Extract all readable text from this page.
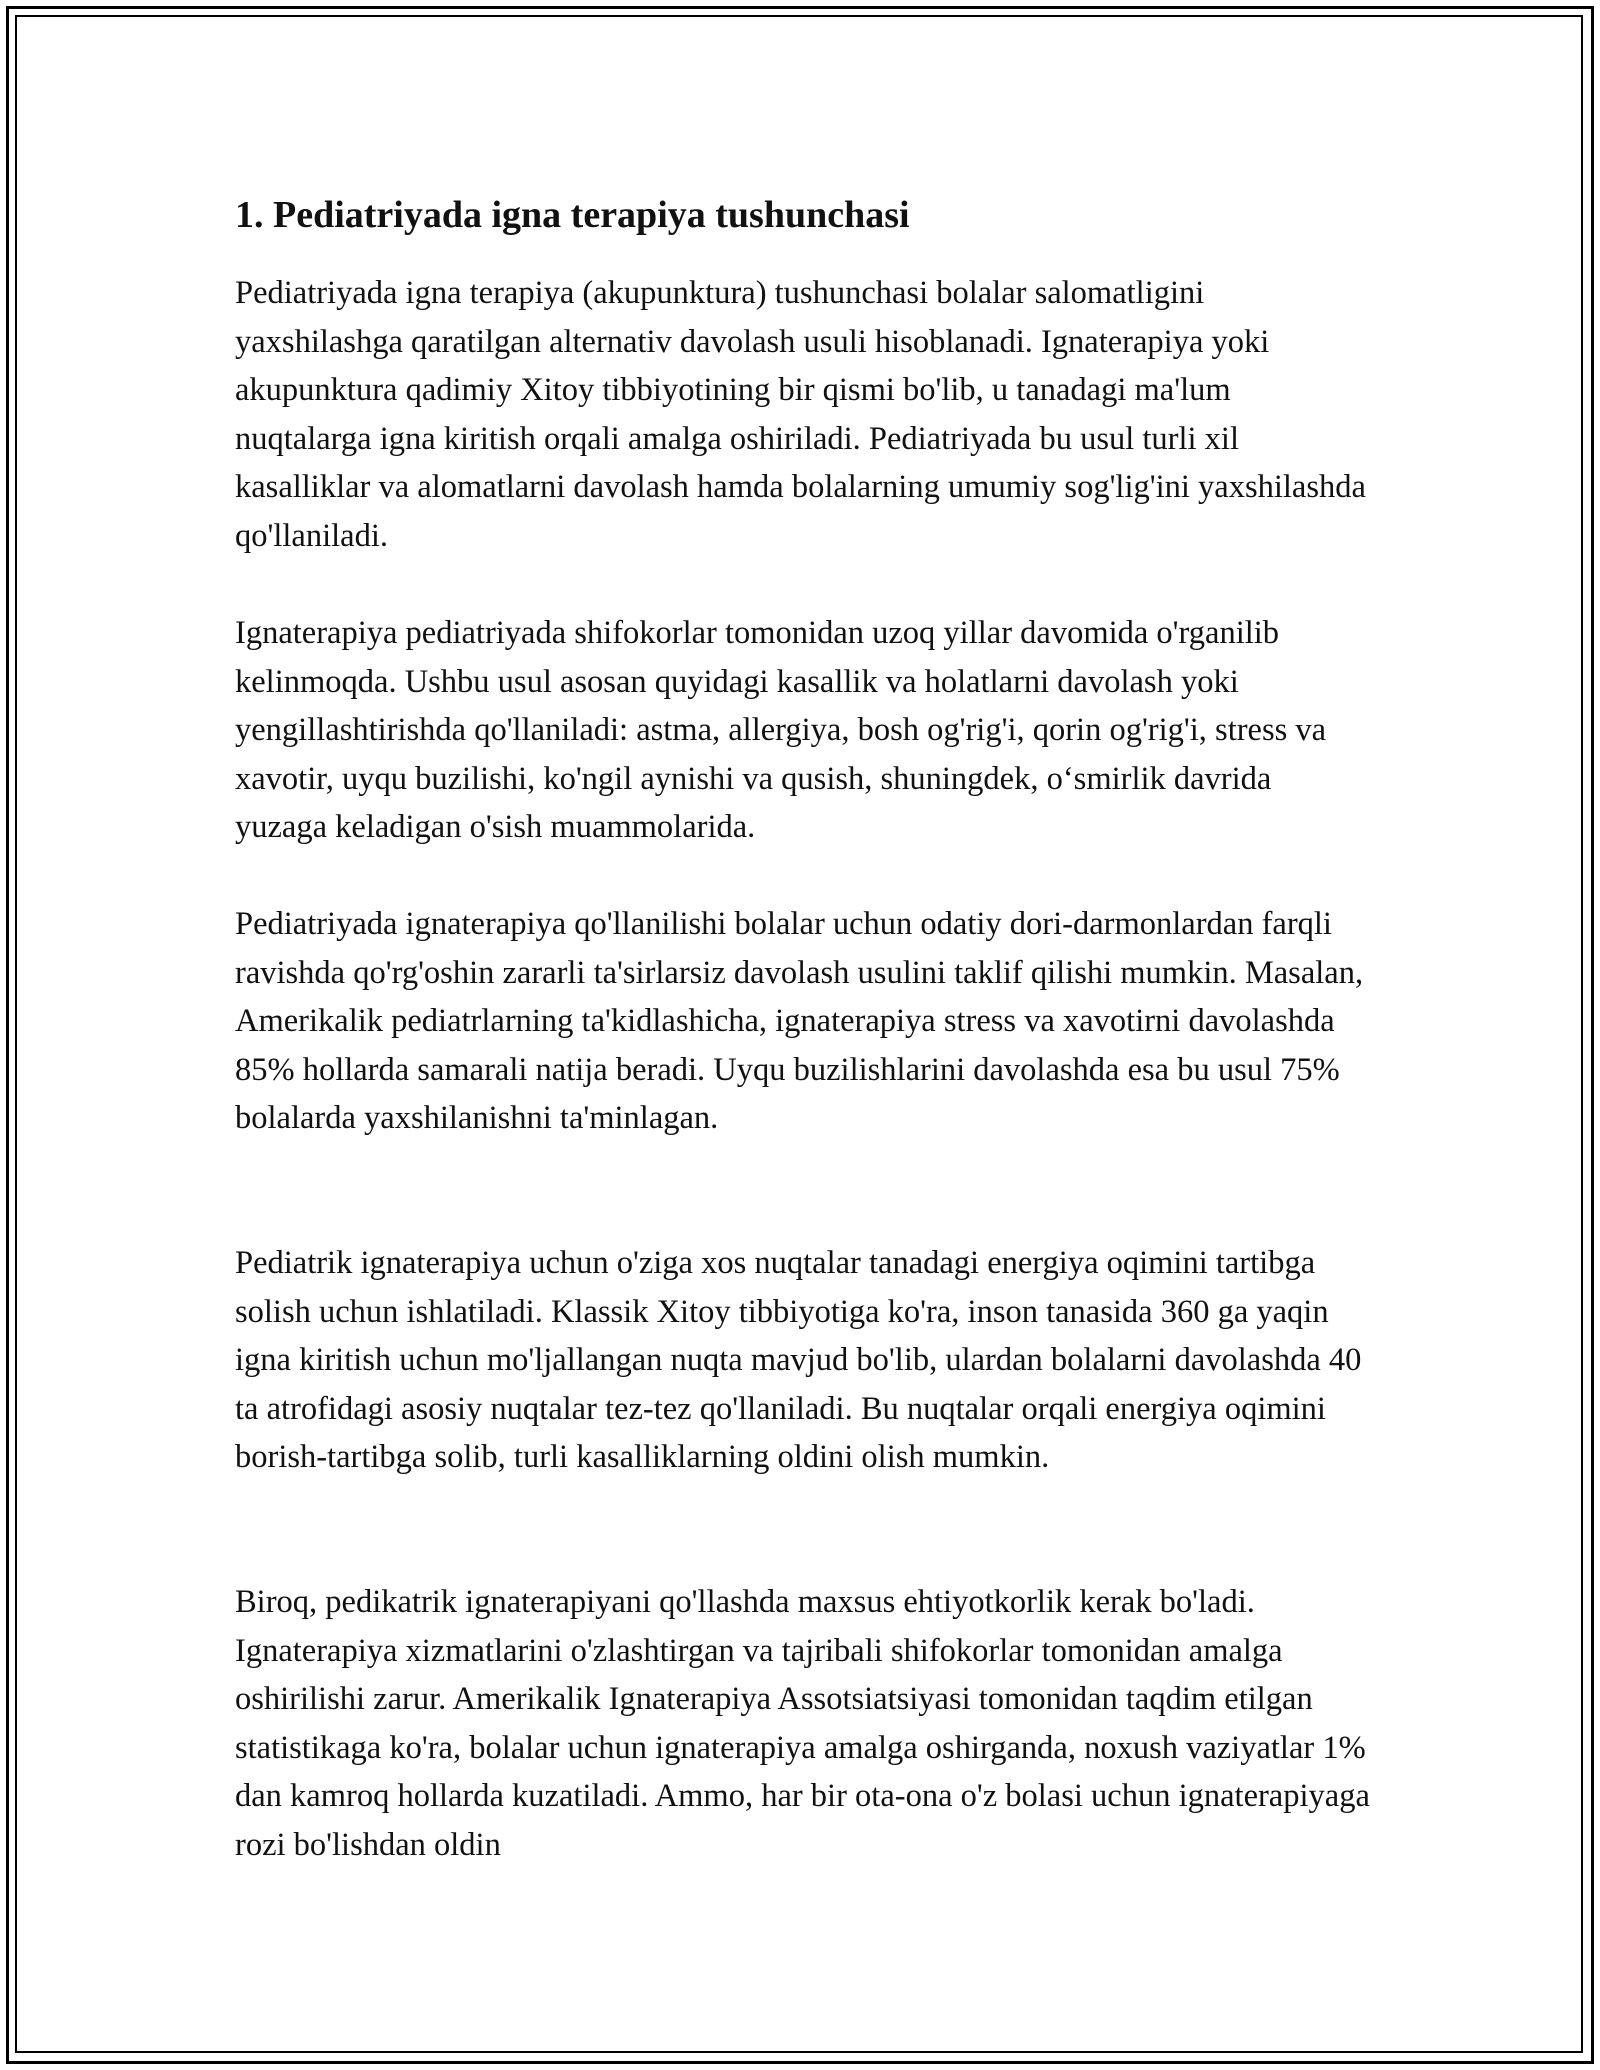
1. Pediatriyada igna terapiya tushunchasi

Pediatriyada igna terapiya (akupunktura) tushunchasi bolalar salomatligini yaxshilashga qaratilgan alternativ davolash usuli hisoblanadi. Ignaterapiya yoki akupunktura qadimiy Xitoy tibbiyotining bir qismi bo'lib, u tanadagi ma'lum nuqtalarga igna kiritish orqali amalga oshiriladi. Pediatriyada bu usul turli xil kasalliklar va alomatlarni davolash hamda bolalarning umumiy sog'lig'ini yaxshilashda qo'llaniladi.

Ignaterapiya pediatriyada shifokorlar tomonidan uzoq yillar davomida o'rganilib kelinmoqda. Ushbu usul asosan quyidagi kasallik va holatlarni davolash yoki yengillashtirishda qo'llaniladi: astma, allergiya, bosh og'rig'i, qorin og'rig'i, stress va xavotir, uyqu buzilishi, ko'ngil aynishi va qusish, shuningdek, o‘smirlik davrida yuzaga keladigan o'sish muammolarida.

Pediatriyada ignaterapiya qo'llanilishi bolalar uchun odatiy dori-darmonlardan farqli ravishda qo'rg'oshin zararli ta'sirlarsiz davolash usulini taklif qilishi mumkin. Masalan, Amerikalik pediatrlarning ta'kidlashicha, ignaterapiya stress va xavotirni davolashda 85% hollarda samarali natija beradi. Uyqu buzilishlarini davolashda esa bu usul 75% bolalarda yaxshilanishni ta'minlagan.

Pediatrik ignaterapiya uchun o'ziga xos nuqtalar tanadagi energiya oqimini tartibga solish uchun ishlatiladi. Klassik Xitoy tibbiyotiga ko'ra, inson tanasida 360 ga yaqin igna kiritish uchun mo'ljallangan nuqta mavjud bo'lib, ulardan bolalarni davolashda 40 ta atrofidagi asosiy nuqtalar tez-tez qo'llaniladi. Bu nuqtalar orqali energiya oqimini borish-tartibga solib, turli kasalliklarning oldini olish mumkin.

Biroq, pedikatrik ignaterapiyani qo'llashda maxsus ehtiyotkorlik kerak bo'ladi. Ignaterapiya xizmatlarini o'zlashtirgan va tajribali shifokorlar tomonidan amalga oshirilishi zarur. Amerikalik Ignaterapiya Assotsiatsiyasi tomonidan taqdim etilgan statistikaga ko'ra, bolalar uchun ignaterapiya amalga oshirganda, noxush vaziyatlar 1% dan kamroq hollarda kuzatiladi. Ammo, har bir ota-ona o'z bolasi uchun ignaterapiyaga rozi bo'lishdan oldin
